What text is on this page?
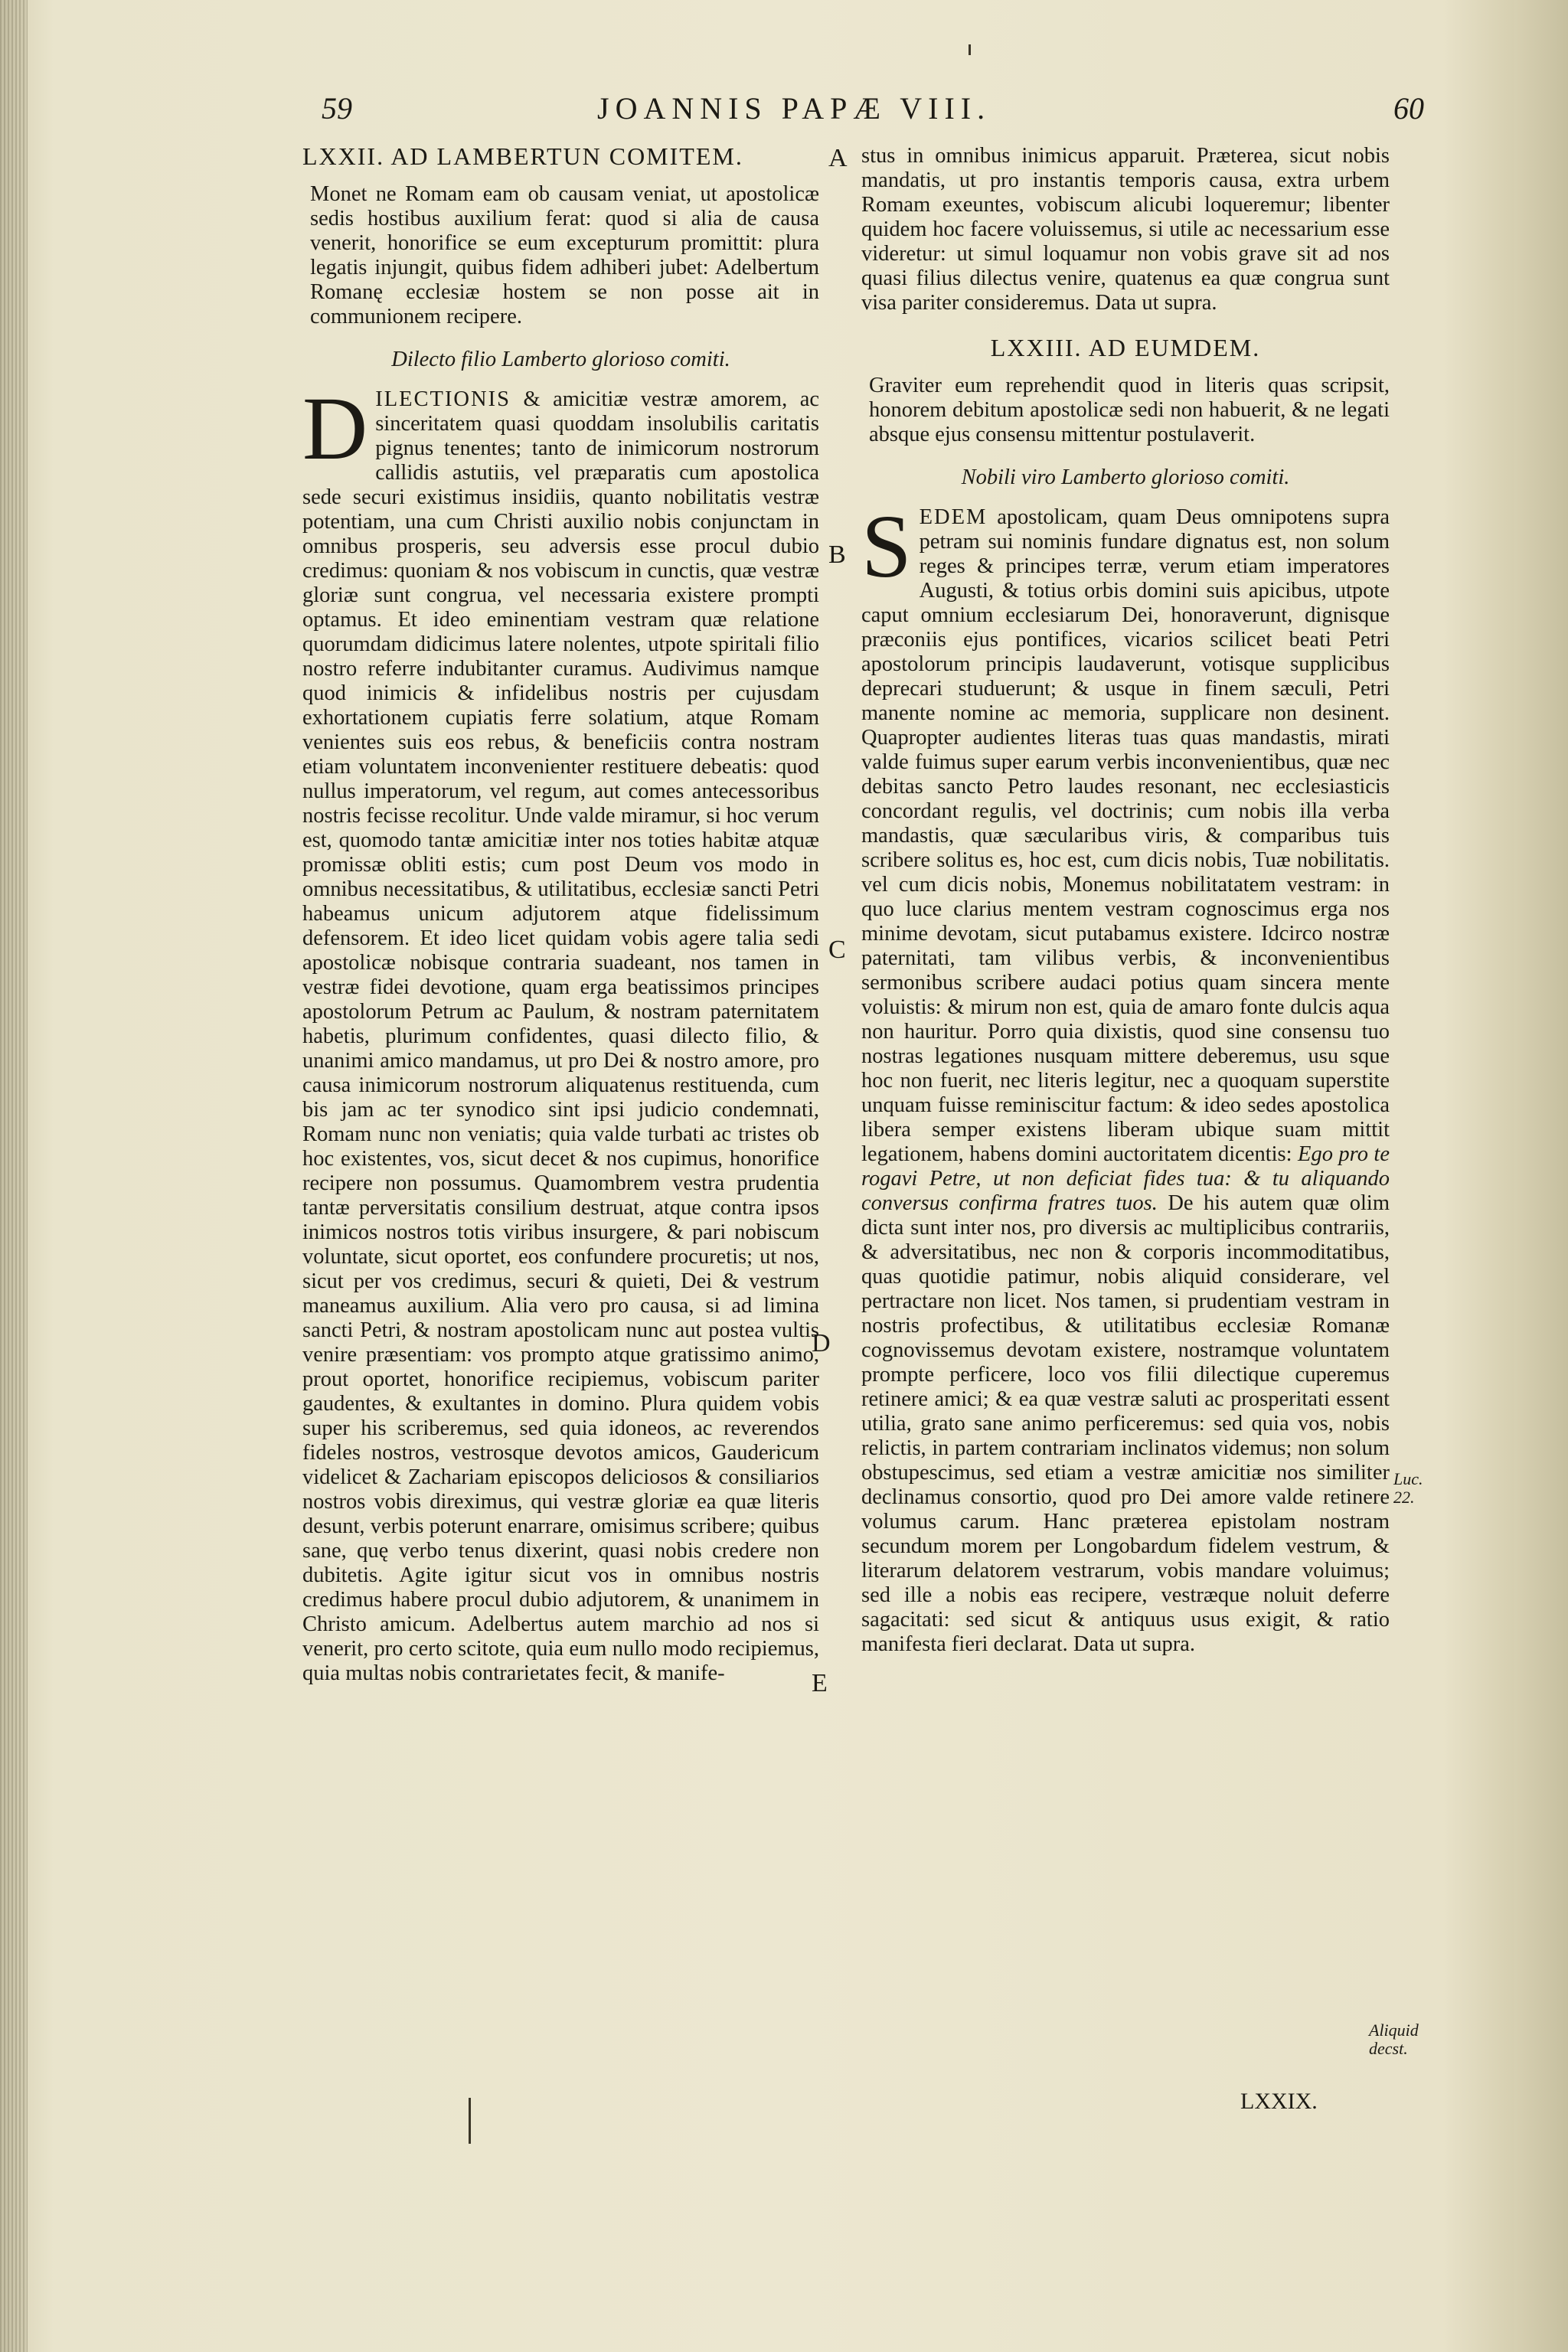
59	JOANNIS PAPÆ VIII.	60
LXXII. AD LAMBERTUN COMITEM.

Monet ne Romam eam ob causam veniat, ut apostolicæ sedis hostibus auxilium ferat: quod si alia de causa venerit, honorifice se eum excepturum promittit: plura legatis injungit, quibus fidem adhiberi jubet: Adelbertum Romanę ecclesiæ hostem se non posse ait in communionem recipere.

Dilecto filio Lamberto glorioso comiti.

DILECTIONIS & amicitiæ vestræ amorem, ac sinceritatem quasi quoddam insolubilis caritatis pignus tenentes; tanto de inimicorum nostrorum callidis astutiis, vel præparatis cum apostolica sede securi existimus insidiis, quanto nobilitatis vestræ potentiam, una cum Christi auxilio nobis conjunctam in omnibus prosperis, seu adversis esse procul dubio credimus: quoniam & nos vobiscum in cunctis, quæ vestræ gloriæ sunt congrua, vel necessaria existere prompti optamus. Et ideo eminentiam vestram quæ relatione quorumdam didicimus latere nolentes, utpote spiritali filio nostro referre indubitanter curamus. Audivimus namque quod inimicis & infidelibus nostris per cujusdam exhortationem cupiatis ferre solatium, atque Romam venientes suis eos rebus, & beneficiis contra nostram etiam voluntatem inconvenienter restituere debeatis: quod nullus imperatorum, vel regum, aut comes antecessoribus nostris fecisse recolitur. Unde valde miramur, si hoc verum est, quomodo tantæ amicitiæ inter nos toties habitæ atquæ promissæ obliti estis; cum post Deum vos modo in omnibus necessitatibus, & utilitatibus, ecclesiæ sancti Petri habeamus unicum adjutorem atque fidelissimum defensorem. Et ideo licet quidam vobis agere talia sedi apostolicæ nobisque contraria suadeant, nos tamen in vestræ fidei devotione, quam erga beatissimos principes apostolorum Petrum ac Paulum, & nostram paternitatem habetis, plurimum confidentes, quasi dilecto filio, & unanimi amico mandamus, ut pro Dei & nostro amore, pro causa inimicorum nostrorum aliquatenus restituenda, cum bis jam ac ter synodico sint ipsi judicio condemnati, Romam nunc non veniatis; quia valde turbati ac tristes ob hoc existentes, vos, sicut decet & nos cupimus, honorifice recipere non possumus. Quamombrem vestra prudentia tantæ perversitatis consilium destruat, atque contra ipsos inimicos nostros totis viribus insurgere, & pari nobiscum voluntate, sicut oportet, eos confundere procuretis; ut nos, sicut per vos credimus, securi & quieti, Dei & vestrum maneamus auxilium. Alia vero pro causa, si ad limina sancti Petri, & nostram apostolicam nunc aut postea vultis venire præsentiam: vos prompto atque gratissimo animo, prout oportet, honorifice recipiemus, vobiscum pariter gaudentes, & exultantes in domino. Plura quidem vobis super his scriberemus, sed quia idoneos, ac reverendos fideles nostros, vestrosque devotos amicos, Gaudericum videlicet & Zachariam episcopos deliciosos & consiliarios nostros vobis direximus, qui vestræ gloriæ ea quæ literis desunt, verbis poterunt enarrare, omisimus scribere; quibus sane, quę verbo tenus dixerint, quasi nobis credere non dubitetis. Agite igitur sicut vos in omnibus nostris credimus habere procul dubio adjutorem, & unanimem in Christo amicum. Adelbertus autem marchio ad nos si venerit, pro certo scitote, quia eum nullo modo recipiemus, quia multas nobis contrarietates fecit, & manife-

A
B
C
D
E

stus in omnibus inimicus apparuit. Præterea, sicut nobis mandatis, ut pro instantis temporis causa, extra urbem Romam exeuntes, vobiscum alicubi loqueremur; libenter quidem hoc facere voluissemus, si utile ac necessarium esse videretur: ut simul loquamur non vobis grave sit ad nos quasi filius dilectus venire, quatenus ea quæ congrua sunt visa pariter consideremus. Data ut supra.

LXXIII. AD EUMDEM.

Graviter eum reprehendit quod in literis quas scripsit, honorem debitum apostolicæ sedi non habuerit, & ne legati absque ejus consensu mittentur postulaverit.

Nobili viro Lamberto glorioso comiti.

SEDEM apostolicam, quam Deus omnipotens supra petram sui nominis fundare dignatus est, non solum reges & principes terræ, verum etiam imperatores Augusti, & totius orbis domini suis apicibus, utpote caput omnium ecclesiarum Dei, honoraverunt, dignisque præconiis ejus pontifices, vicarios scilicet beati Petri apostolorum principis laudaverunt, votisque supplicibus deprecari studuerunt; & usque in finem sæculi, Petri manente nomine ac memoria, supplicare non desinent. Quapropter audientes literas tuas quas mandastis, mirati valde fuimus super earum verbis inconvenientibus, quæ nec debitas sancto Petro laudes resonant, nec ecclesiasticis concordant regulis, vel doctrinis; cum nobis illa verba mandastis, quæ sæcularibus viris, & comparibus tuis scribere solitus es, hoc est, cum dicis nobis, Tuæ nobilitatis. vel cum dicis nobis, Monemus nobilitatatem vestram: in quo luce clarius mentem vestram cognoscimus erga nos minime devotam, sicut putabamus existere. Idcirco nostræ paternitati, tam vilibus verbis, & inconvenientibus sermonibus scribere audaci potius quam sincera mente voluistis: & mirum non est, quia de amaro fonte dulcis aqua non hauritur. Porro quia dixistis, quod sine consensu tuo nostras legationes nusquam mittere deberemus, usu sque hoc non fuerit, nec literis legitur, nec a quoquam superstite unquam fuisse reminiscitur factum: & ideo sedes apostolica libera semper existens liberam ubique suam mittit legationem, habens domini auctoritatem dicentis: Ego pro te rogavi Petre, ut non deficiat fides tua: & tu aliquando conversus confirma fratres tuos. De his autem quæ olim dicta sunt inter nos, pro diversis ac multiplicibus contrariis, & adversitatibus, nec non & corporis incommoditatibus, quas quotidie patimur, nobis aliquid considerare, vel pertractare non licet. Nos tamen, si prudentiam vestram in nostris profectibus, & utilitatibus ecclesiæ Romanæ cognovissemus devotam existere, nostramque voluntatem prompte perficere, loco vos filii dilectique cuperemus retinere amici; & ea quæ vestræ saluti ac prosperitati essent utilia, grato sane animo perficeremus: sed quia vos, nobis relictis, in partem contrariam inclinatos videmus; non solum obstupescimus, sed etiam a vestræ amicitiæ nos similiter declinamus consortio, quod pro Dei amore valde retinere volumus carum. Hanc præterea epistolam nostram secundum morem per Longobardum fidelem vestrum, & literarum delatorem vestrarum, vobis mandare voluimus; sed ille a nobis eas recipere, vestræque noluit deferre sagacitati: sed sicut & antiquus usus exigit, & ratio manifesta fieri declarat. Data ut supra.

Luc. 22.
Aliquid decst.
LXXIX.
